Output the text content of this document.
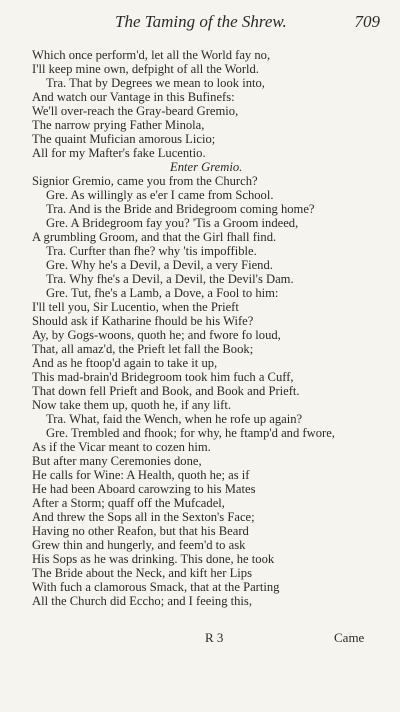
The Taming of the Shrew.	709
Which once perform'd, let all the World fay no,
I'll keep mine own, defpight of all the World.
Tra. That by Degrees we mean to look into,
And watch our Vantage in this Bufinefs:
We'll over-reach the Gray-beard Gremio,
The narrow prying Father Minola,
The quaint Mufician amorous Licio;
All for my Mafter's fake Lucentio.
Enter Gremio.
Signior Gremio, came you from the Church?
Gre. As willingly as e'er I came from School.
Tra. And is the Bride and Bridegroom coming home?
Gre. A Bridegroom fay you? 'Tis a Groom indeed,
A grumbling Groom, and that the Girl fhall find.
Tra. Curfter than fhe? why 'tis impoffible.
Gre. Why he's a Devil, a Devil, a very Fiend.
Tra. Why fhe's a Devil, a Devil, the Devil's Dam.
Gre. Tut, fhe's a Lamb, a Dove, a Fool to him:
I'll tell you, Sir Lucentio, when the Prieft
Should ask if Katharine fhould be his Wife?
Ay, by Gogs-woons, quoth he; and fwore fo loud,
That, all amaz'd, the Prieft let fall the Book;
And as he ftoop'd again to take it up,
This mad-brain'd Bridegroom took him fuch a Cuff,
That down fell Prieft and Book, and Book and Prieft.
Now take them up, quoth he, if any lift.
Tra. What, faid the Wench, when he rofe up again?
Gre. Trembled and fhook; for why, he ftamp'd and fwore,
As if the Vicar meant to cozen him.
But after many Ceremonies done,
He calls for Wine: A Health, quoth he; as if
He had been Aboard carowzing to his Mates
After a Storm; quaff off the Mufcadel,
And threw the Sops all in the Sexton's Face;
Having no other Reafon, but that his Beard
Grew thin and hungerly, and feem'd to ask
His Sops as he was drinking. This done, he took
The Bride about the Neck, and kift her Lips
With fuch a clamorous Smack, that at the Parting
All the Church did Eccho; and I feeing this,
R 3	Came
